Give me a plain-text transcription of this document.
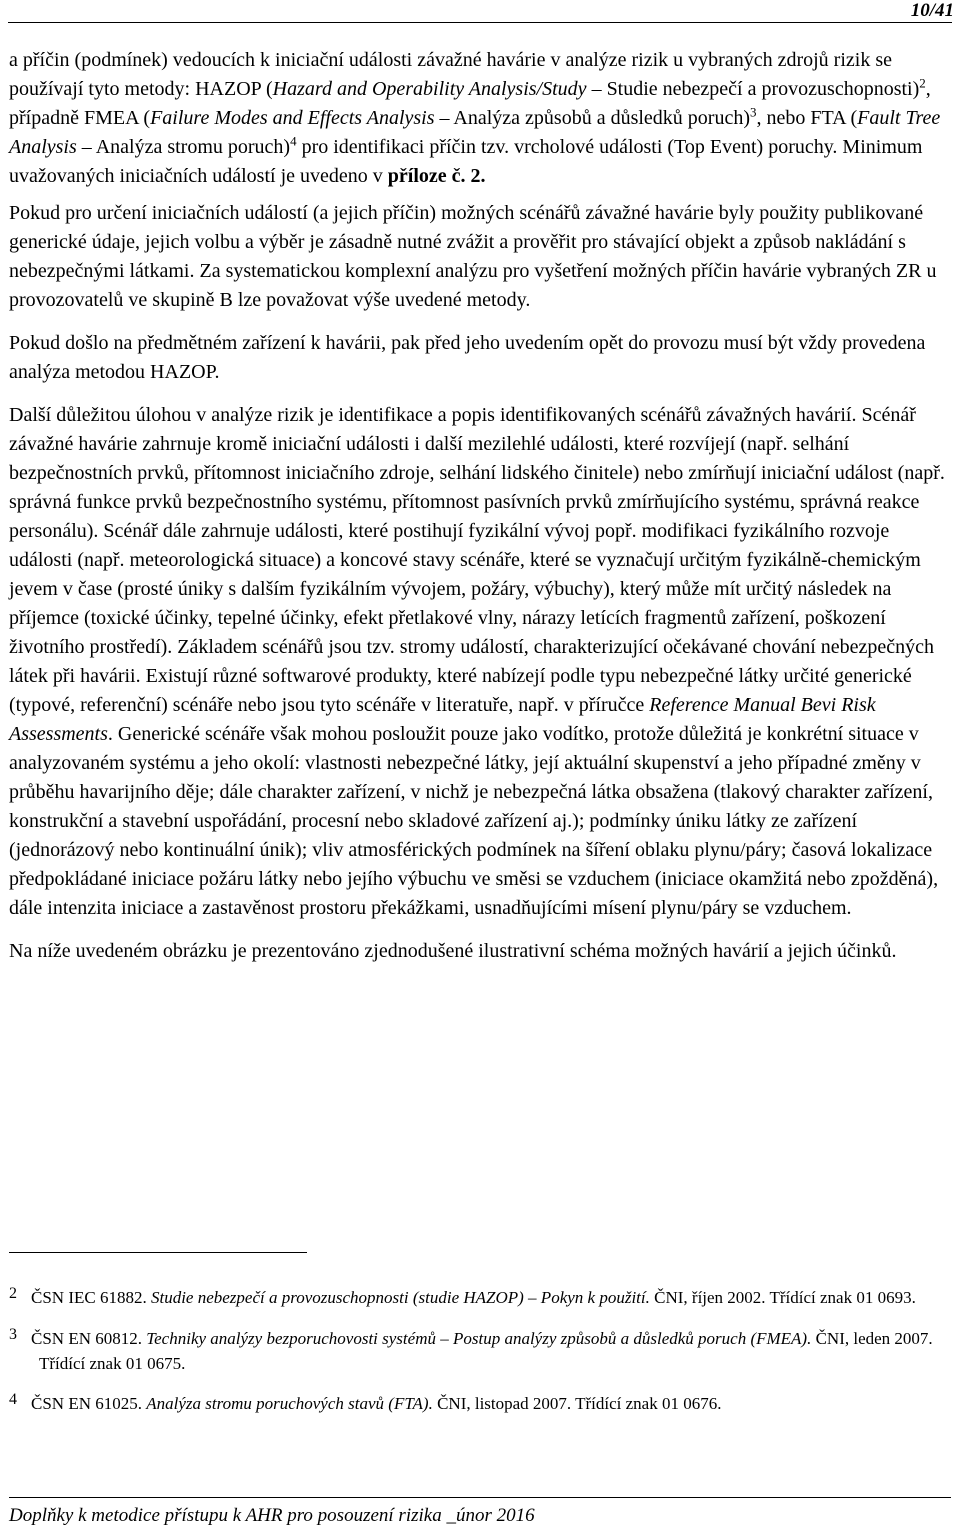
10/41

a příčin (podmínek) vedoucích k iniciační události závažné havárie v analýze rizik u vybraných zdrojů rizik se používají tyto metody: HAZOP (Hazard and Operability Analysis/Study – Studie nebezpečí a provozuschopnosti)$^2$, případně FMEA (Failure Modes and Effects Analysis – Analýza způsobů a důsledků poruch)$^3$, nebo FTA (Fault Tree Analysis – Analýza stromu poruch)$^4$ pro identifikaci příčin tzv. vrcholové události (Top Event) poruchy. Minimum uvažovaných iniciačních událostí je uvedeno v příloze č. 2.

Pokud pro určení iniciačních událostí (a jejich příčin) možných scénářů závažné havárie byly použity publikované generické údaje, jejich volbu a výběr je zásadně nutné zvážit a prověřit pro stávající objekt a způsob nakládání s nebezpečnými látkami. Za systematickou komplexní analýzu pro vyšetření možných příčin havárie vybraných ZR u provozovatelů ve skupině B lze považovat výše uvedené metody.

Pokud došlo na předmětném zařízení k havárii, pak před jeho uvedením opět do provozu musí být vždy provedena analýza metodou HAZOP.

Další důležitou úlohou v analýze rizik je identifikace a popis identifikovaných scénářů závažných havárií. Scénář závažné havárie zahrnuje kromě iniciační události i další mezilehlé události, které rozvíjejí (např. selhání bezpečnostních prvků, přítomnost iniciačního zdroje, selhání lidského činitele) nebo zmírňují iniciační událost (např. správná funkce prvků bezpečnostního systému, přítomnost pasívních prvků zmírňujícího systému, správná reakce personálu). Scénář dále zahrnuje události, které postihují fyzikální vývoj popř. modifikaci fyzikálního rozvoje události (např. meteorologická situace) a koncové stavy scénáře, které se vyznačují určitým fyzikálně-chemickým jevem v čase (prosté úniky s dalším fyzikálním vývojem, požáry, výbuchy), který může mít určitý následek na příjemce (toxické účinky, tepelné účinky, efekt přetlakové vlny, nárazy letících fragmentů zařízení, poškození životního prostředí). Základem scénářů jsou tzv. stromy událostí, charakterizující očekávané chování nebezpečných látek při havárii. Existují různé softwarové produkty, které nabízejí podle typu nebezpečné látky určité generické (typové, referenční) scénáře nebo jsou tyto scénáře v literatuře, např. v příručce Reference Manual Bevi Risk Assessments. Generické scénáře však mohou posloužit pouze jako vodítko, protože důležitá je konkrétní situace v analyzovaném systému a jeho okolí: vlastnosti nebezpečné látky, její aktuální skupenství a jeho případné změny v průběhu havarijního děje; dále charakter zařízení, v nichž je nebezpečná látka obsažena (tlakový charakter zařízení, konstrukční a stavební uspořádání, procesní nebo skladové zařízení aj.); podmínky úniku látky ze zařízení (jednorázový nebo kontinuální únik); vliv atmosférických podmínek na šíření oblaku plynu/páry; časová lokalizace předpokládané iniciace požáru látky nebo jejího výbuchu ve směsi se vzduchem (iniciace okamžitá nebo zpožděná), dále intenzita iniciace a zastavěnost prostoru překážkami, usnadňujícími mísení plynu/páry se vzduchem.

Na níže uvedeném obrázku je prezentováno zjednodušené ilustrativní schéma možných havárií a jejich účinků.

2 ČSN IEC 61882. Studie nebezpečí a provozuschopnosti (studie HAZOP) – Pokyn k použití. ČNI, říjen 2002. Třídící znak 01 0693.

3 ČSN EN 60812. Techniky analýzy bezporuchovosti systémů – Postup analýzy způsobů a důsledků poruch (FMEA). ČNI, leden 2007. Třídící znak 01 0675.

4 ČSN EN 61025. Analýza stromu poruchových stavů (FTA). ČNI, listopad 2007. Třídící znak 01 0676.

Doplňky k metodice přístupu k AHR pro posouzení rizika _únor 2016
